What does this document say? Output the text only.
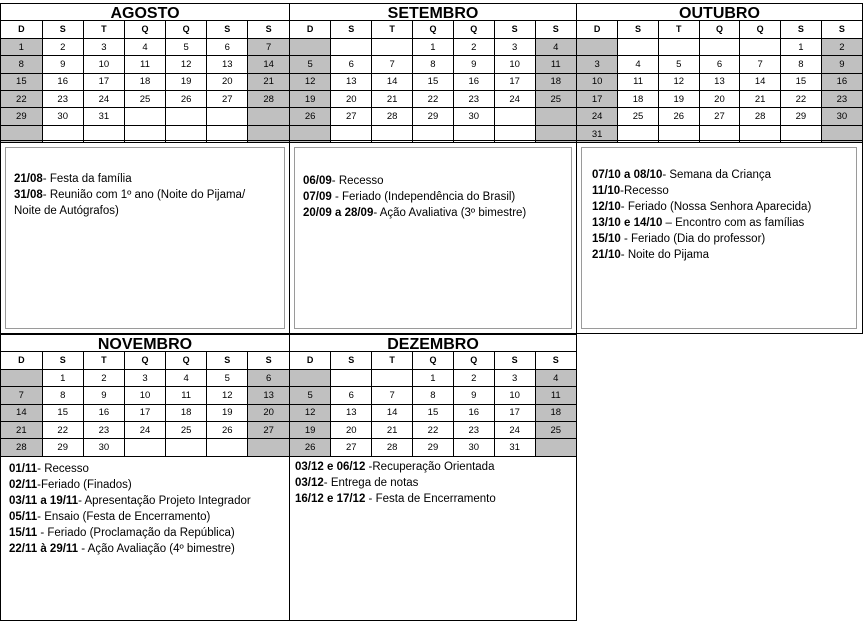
AGOSTO
D	S	T	Q	Q	S	S
1	2	3	4	5	6	7
8	9	10	11	12	13	14
15	16	17	18	19	20	21
22	23	24	25	26	27	28
29	30	31				

SETEMBRO
D	S	T	Q	Q	S	S
			1	2	3	4
5	6	7	8	9	10	11
12	13	14	15	16	17	18
19	20	21	22	23	24	25
26	27	28	29	30		

OUTUBRO
D	S	T	Q	Q	S	S
					1	2
3	4	5	6	7	8	9
10	11	12	13	14	15	16
17	18	19	20	21	22	23
24	25	26	27	28	29	30
31						
21/08- Festa da família
31/08- Reunião com 1º ano (Noite do Pijama/
Noite de Autógrafos)
06/09- Recesso
07/09 - Feriado (Independência do Brasil)
20/09 a 28/09- Ação Avaliativa (3º bimestre)
07/10 a 08/10- Semana da Criança
11/10-Recesso
12/10- Feriado (Nossa Senhora Aparecida)
13/10 e 14/10 – Encontro com as famílias
15/10 - Feriado (Dia do professor)
21/10- Noite do Pijama
NOVEMBRO
D	S	T	Q	Q	S	S
	1	2	3	4	5	6
7	8	9	10	11	12	13
14	15	16	17	18	19	20
21	22	23	24	25	26	27
28	29	30				
DEZEMBRO
D	S	T	Q	Q	S	S
			1	2	3	4
5	6	7	8	9	10	11
12	13	14	15	16	17	18
19	20	21	22	23	24	25
26	27	28	29	30	31	
01/11- Recesso
02/11-Feriado (Finados)
03/11 a 19/11- Apresentação Projeto Integrador
05/11- Ensaio (Festa de Encerramento)
15/11 - Feriado (Proclamação da República)
22/11 à 29/11 - Ação Avaliação (4º bimestre)
03/12 e 06/12 -Recuperação Orientada
03/12- Entrega de notas
16/12 e 17/12 - Festa de Encerramento
